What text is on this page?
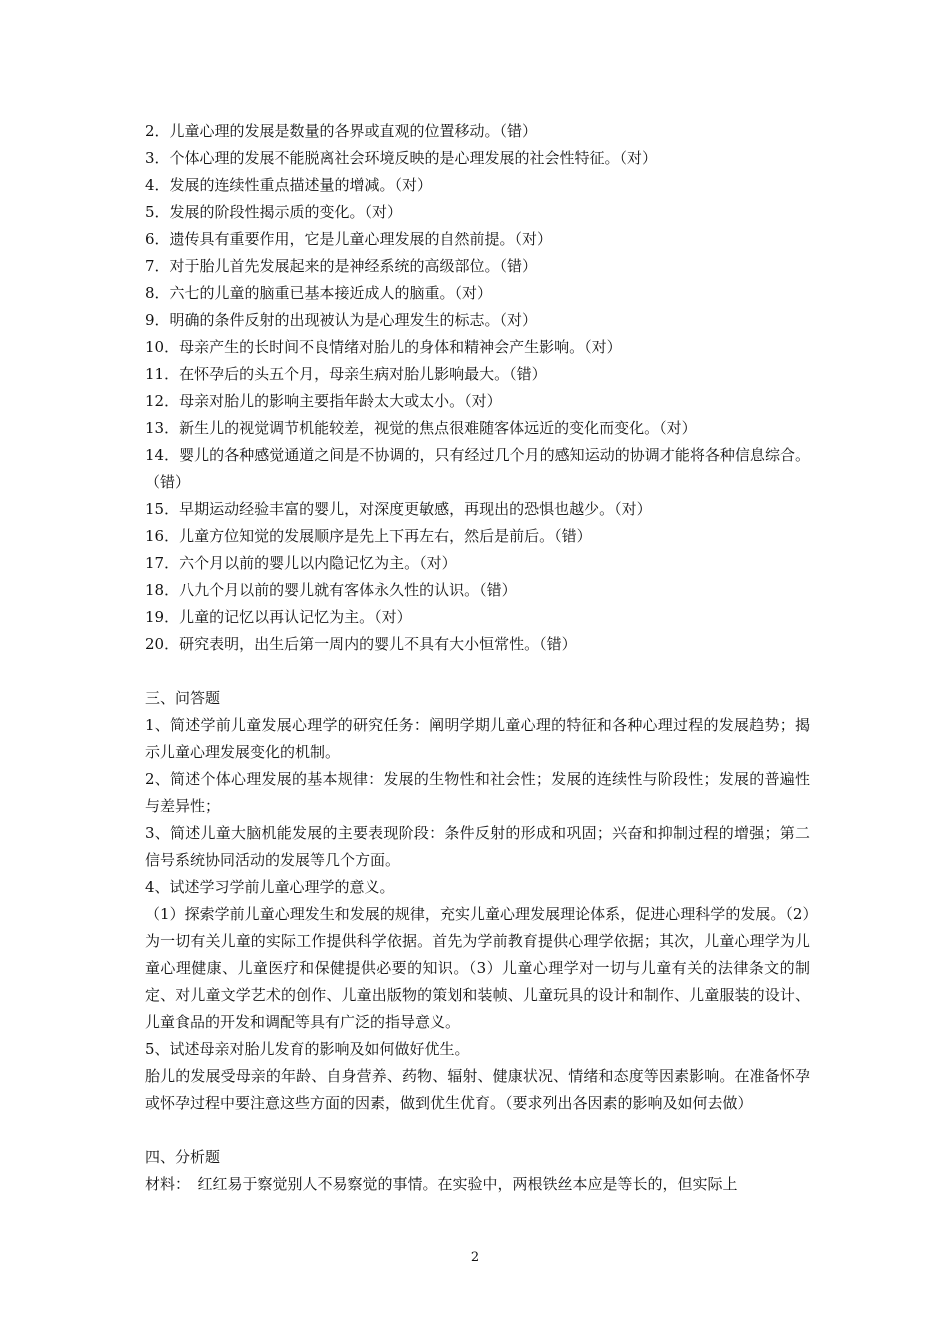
2．儿童心理的发展是数量的各界或直观的位置移动。（错）

3．个体心理的发展不能脱离社会环境反映的是心理发展的社会性特征。（对）

4．发展的连续性重点描述量的增减。（对）

5．发展的阶段性揭示质的变化。（对）

6．遗传具有重要作用，它是儿童心理发展的自然前提。（对）

7．对于胎儿首先发展起来的是神经系统的高级部位。（错）

8．六七的儿童的脑重已基本接近成人的脑重。（对）

9．明确的条件反射的出现被认为是心理发生的标志。（对）

10．母亲产生的长时间不良情绪对胎儿的身体和精神会产生影响。（对）

11．在怀孕后的头五个月，母亲生病对胎儿影响最大。（错）

12．母亲对胎儿的影响主要指年龄太大或太小。（对）

13．新生儿的视觉调节机能较差，视觉的焦点很难随客体远近的变化而变化。（对）

14．婴儿的各种感觉通道之间是不协调的，只有经过几个月的感知运动的协调才能将各种信息综合。（错）

15．早期运动经验丰富的婴儿，对深度更敏感，再现出的恐惧也越少。（对）

16．儿童方位知觉的发展顺序是先上下再左右，然后是前后。（错）

17．六个月以前的婴儿以内隐记忆为主。（对）

18．八九个月以前的婴儿就有客体永久性的认识。（错）

19．儿童的记忆以再认记忆为主。（对）

20．研究表明，出生后第一周内的婴儿不具有大小恒常性。（错）

三、问答题

1、简述学前儿童发展心理学的研究任务：阐明学期儿童心理的特征和各种心理过程的发展趋势；揭示儿童心理发展变化的机制。

2、简述个体心理发展的基本规律：发展的生物性和社会性；发展的连续性与阶段性；发展的普遍性与差异性；

3、简述儿童大脑机能发展的主要表现阶段：条件反射的形成和巩固；兴奋和抑制过程的增强；第二信号系统协同活动的发展等几个方面。

4、试述学习学前儿童心理学的意义。

（1）探索学前儿童心理发生和发展的规律，充实儿童心理发展理论体系，促进心理科学的发展。（2）为一切有关儿童的实际工作提供科学依据。首先为学前教育提供心理学依据；其次，儿童心理学为儿童心理健康、儿童医疗和保健提供必要的知识。（3）儿童心理学对一切与儿童有关的法律条文的制定、对儿童文学艺术的创作、儿童出版物的策划和装帧、儿童玩具的设计和制作、儿童服装的设计、儿童食品的开发和调配等具有广泛的指导意义。

5、试述母亲对胎儿发育的影响及如何做好优生。

胎儿的发展受母亲的年龄、自身营养、药物、辐射、健康状况、情绪和态度等因素影响。在准备怀孕或怀孕过程中要注意这些方面的因素，做到优生优育。（要求列出各因素的影响及如何去做）

四、分析题

材料：　红红易于察觉别人不易察觉的事情。在实验中，两根铁丝本应是等长的，但实际上

2
